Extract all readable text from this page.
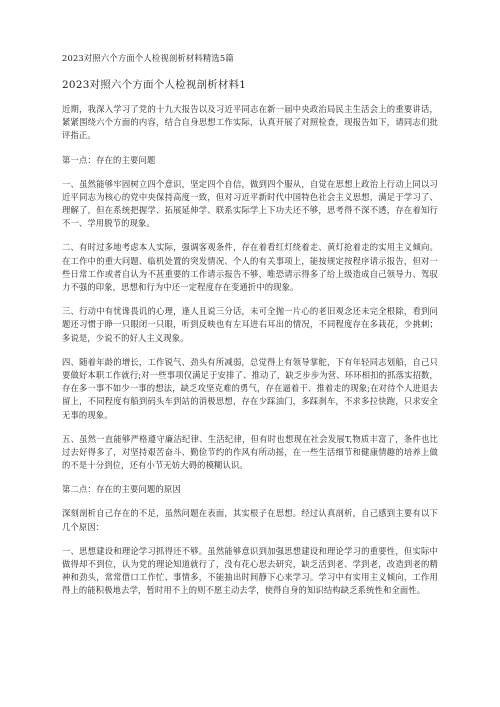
2023对照六个方面个人检视剖析材料精选5篇
2023对照六个方面个人检视剖析材料1
近期，我深入学习了党的十九大报告以及习近平同志在新一届中央政治局民主生活会上的重要讲话，紧紧围绕六个方面的内容，结合自身思想工作实际，认真开展了对照检查，现报告如下，请同志们批评指正。
第一点：存在的主要问题
一、虽然能够牢固树立四个意识，坚定四个自信，做到四个服从，自觉在思想上政治上行动上同以习近平同志为核心的党中央保持高度一致，但对习近平新时代中国特色社会主义思想，满足于学习了、理解了，但在系统把握学、拓展延伸学、联系实际学上下功夫还不够，思考得不深不透，存在着知行不一、学用脱节的现象。
二、有时过多地考虑本人实际，强调客观条件，存在着看红灯绕着走、黄灯抢着走的实用主义倾向。在工作中的重大问题、临机处置的突发情况、个人的有关事项上，能按规定按程序请示报告，但对一些日常工作或者自认为不甚重要的工作请示报告不够，唯恐请示得多了给上级造成自己领导力、驾驭力不强的印象，思想和行为中还一定程度存在变通折中的现象。
三、行动中有忧谗畏讥的心理，逢人且说三分话，未可全抛一片心的老旧观念还未完全根除，看到问题还习惯于睁一只眼闭一只眼，听到反映也有左耳进右耳出的情况，不同程度存在多栽花，少挑刺；多说是，少说不的好人主义现象。
四、随着年龄的增长，工作锐气、劲头有所减弱，总觉得上有领导掌舵，下有年轻同志划船，自己只要做好本职工作就行;对一些事项仅满足于安排了、推动了，缺乏步步为营、环环相扣的抓落实招数，存在多一事不如少一事的想法，缺乏攻坚克难的勇气，存在逼着干、推着走的现象;在对待个人进退去留上，不同程度有船到码头车到站的消极思想，存在少踩油门，多踩刹车，不求多拉快跑，只求安全无事的现象。
五、虽然一直能够严格遵守廉洁纪律、生活纪律，但有时也想现在社会发展T,物质丰富了，条件也比过去好得多了，对坚持艰苦奋斗、勤俭节约的作风有所动摇，在一些生活细节和健康情趣的培养上做的不是十分到位，还有小节无妨大碍的模糊认识。
第二点：存在的主要问题的原因
深刻剖析自己存在的不足，虽然问题在表面，其实根子在思想。经过认真剖析，自己感到主要有以下几个原因：
一、思想建设和理论学习抓得还不够。虽然能够意识到加强思想建设和理论学习的重要性，但实际中做得却不到位，认为党的理论知道就行了，没有花心思去研究，缺乏活到老、学到老，改造到老的精神和劲头，常常借口工作忙、事情多，不能抽出时间静下心来学习。学习中有实用主义倾向，工作用得上的能积极地去学，暂时用不上的则不愿主动去学，使得自身的知识结构缺乏系统性和全面性。
